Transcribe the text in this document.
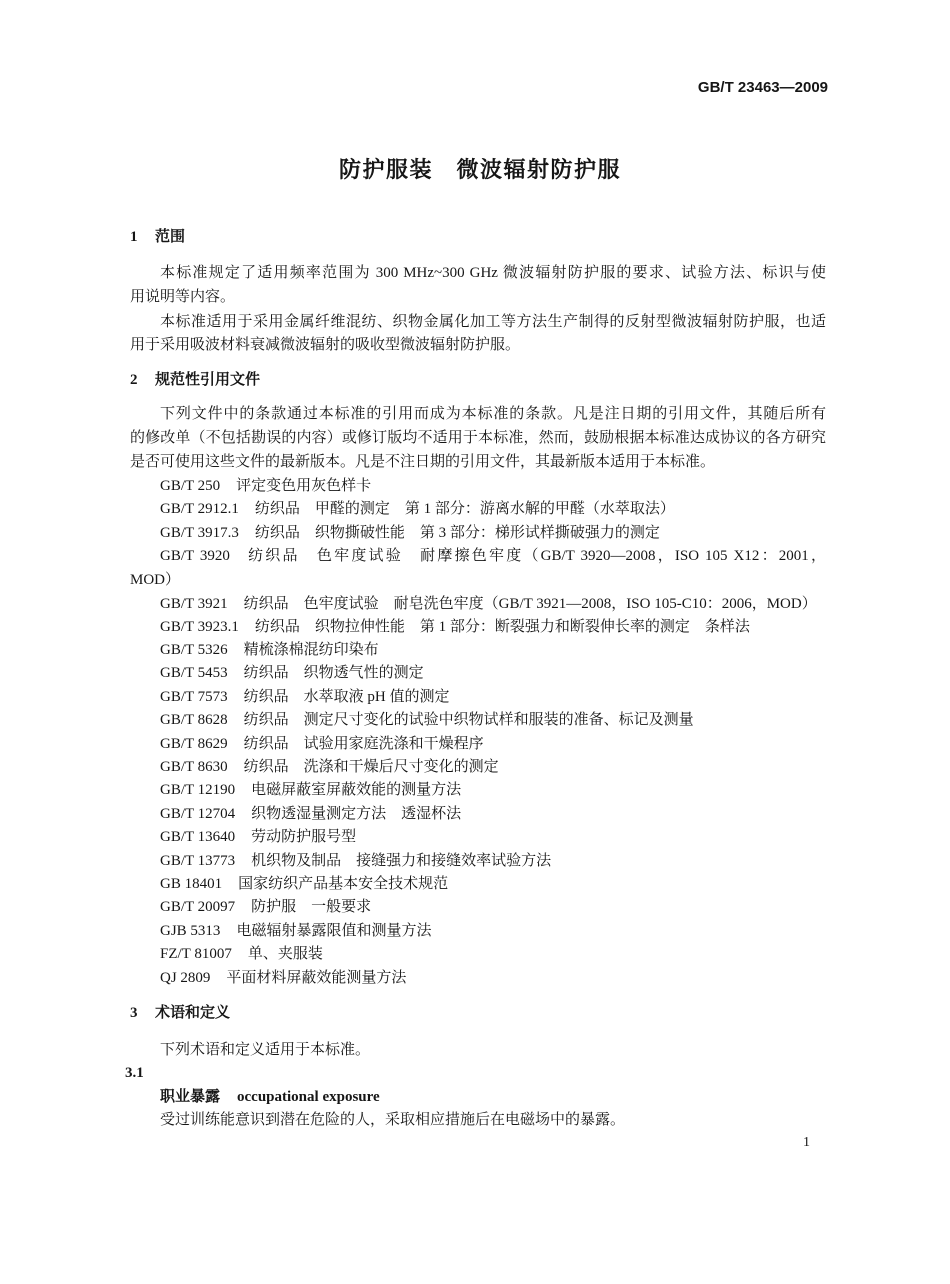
GB/T 23463—2009
防护服装　微波辐射防护服
1 范围
本标准规定了适用频率范围为 300 MHz~300 GHz 微波辐射防护服的要求、试验方法、标识与使
用说明等内容。
本标准适用于采用金属纤维混纺、织物金属化加工等方法生产制得的反射型微波辐射防护服，也适
用于采用吸波材料衰减微波辐射的吸收型微波辐射防护服。
2 规范性引用文件
下列文件中的条款通过本标准的引用而成为本标准的条款。凡是注日期的引用文件，其随后所有
的修改单（不包括勘误的内容）或修订版均不适用于本标准，然而，鼓励根据本标准达成协议的各方研究
是否可使用这些文件的最新版本。凡是不注日期的引用文件，其最新版本适用于本标准。
GB/T 250 评定变色用灰色样卡
GB/T 2912.1 纺织品　甲醛的测定　第 1 部分：游离水解的甲醛（水萃取法）
GB/T 3917.3 纺织品　织物撕破性能　第 3 部分：梯形试样撕破强力的测定
GB/T 3920 纺织品　色牢度试验　耐摩擦色牢度（GB/T 3920—2008，ISO 105 X12：2001，
MOD）
GB/T 3921 纺织品　色牢度试验　耐皂洗色牢度（GB/T 3921—2008，ISO 105-C10：2006，MOD）
GB/T 3923.1 纺织品　织物拉伸性能　第 1 部分：断裂强力和断裂伸长率的测定　条样法
GB/T 5326 精梳涤棉混纺印染布
GB/T 5453 纺织品　织物透气性的测定
GB/T 7573 纺织品　水萃取液 pH 值的测定
GB/T 8628 纺织品　测定尺寸变化的试验中织物试样和服装的准备、标记及测量
GB/T 8629 纺织品　试验用家庭洗涤和干燥程序
GB/T 8630 纺织品　洗涤和干燥后尺寸变化的测定
GB/T 12190 电磁屏蔽室屏蔽效能的测量方法
GB/T 12704 织物透湿量测定方法　透湿杯法
GB/T 13640 劳动防护服号型
GB/T 13773 机织物及制品　接缝强力和接缝效率试验方法
GB 18401 国家纺织产品基本安全技术规范
GB/T 20097 防护服　一般要求
GJB 5313 电磁辐射暴露限值和测量方法
FZ/T 81007 单、夹服装
QJ 2809 平面材料屏蔽效能测量方法
3 术语和定义
下列术语和定义适用于本标准。
3.1
职业暴露 occupational exposure
受过训练能意识到潜在危险的人，采取相应措施后在电磁场中的暴露。
1
